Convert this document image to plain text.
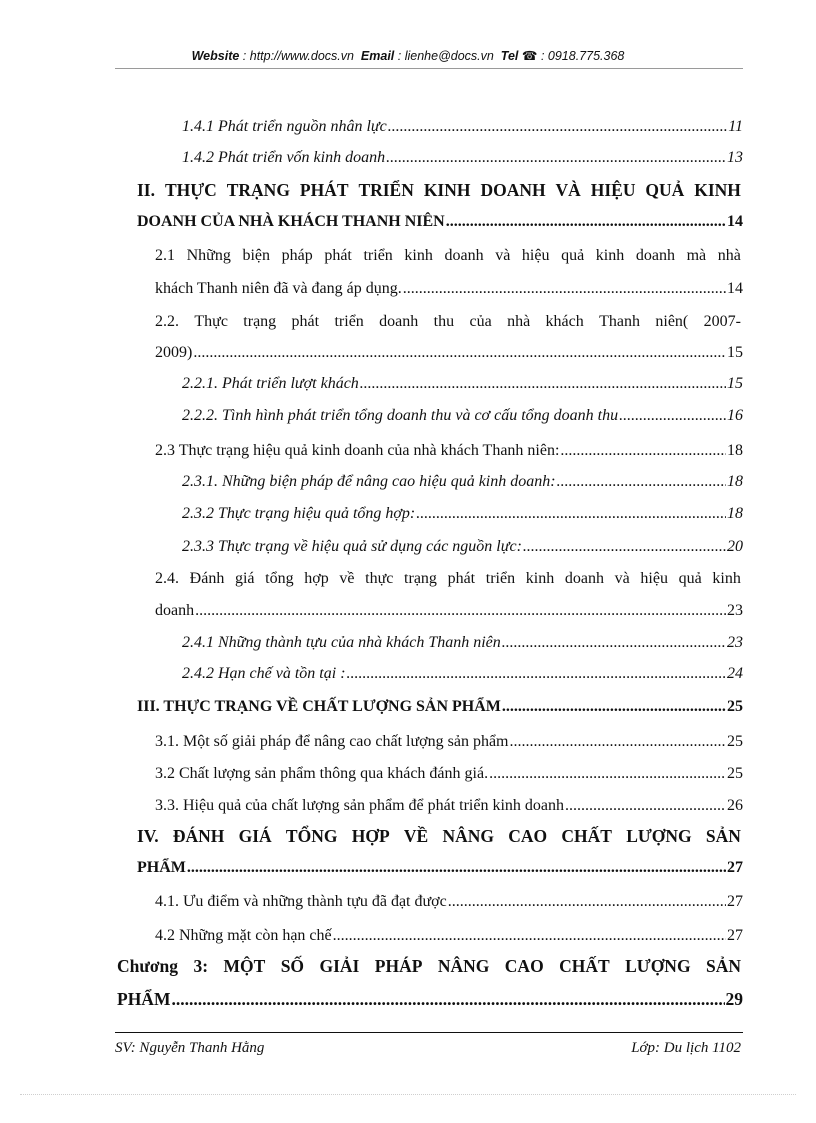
Website : http://www.docs.vn Email : lienhe@docs.vn Tel ☎ : 0918.775.368
1.4.1 Phát triển nguồn nhân lực .....	11
1.4.2 Phát triển vốn kinh doanh .....	13
II. THỰC TRẠNG PHÁT TRIỂN KINH DOANH VÀ HIỆU QUẢ KINH
DOANH CỦA NHÀ KHÁCH THANH NIÊN .....	14
2.1 Những biện pháp phát triển kinh doanh và hiệu quả kinh doanh mà nhà
khách Thanh niên đã và đang áp dụng. .....	14
2.2. Thực trạng phát triển doanh thu của nhà khách Thanh niên( 2007-
2009) .....	15
2.2.1. Phát triển lượt khách .....	15
2.2.2. Tình hình phát triển tổng doanh thu và cơ cấu tổng doanh thu .....	16
2.3 Thực trạng hiệu quả kinh doanh của nhà khách Thanh niên: .....	18
2.3.1. Những biện pháp để nâng cao hiệu quả kinh doanh: .....	18
2.3.2 Thực trạng hiệu quả tổng hợp: .....	18
2.3.3 Thực trạng về hiệu quả sử dụng các nguồn lực: .....	20
2.4. Đánh giá tổng hợp về thực trạng phát triển kinh doanh và hiệu quả kinh
doanh .....	23
2.4.1 Những thành tựu của nhà khách Thanh niên .....	23
2.4.2 Hạn chế và tồn tại : .....	24
III. THỰC TRẠNG VỀ CHẤT LƯỢNG SẢN PHẨM .....	25
3.1. Một số giải pháp để nâng cao chất lượng sản phẩm .....	25
3.2 Chất lượng sản phẩm thông qua khách đánh giá. .....	25
3.3. Hiệu quả của chất lượng sản phẩm để phát triển kinh doanh .....	26
IV. ĐÁNH GIÁ TỔNG HỢP VỀ NÂNG CAO CHẤT LƯỢNG SẢN
PHẨM .....	27
4.1. Ưu điểm và những thành tựu đã đạt được .....	27
4.2 Những mặt còn hạn chế .....	27
Chương 3: MỘT SỐ GIẢI PHÁP NÂNG CAO CHẤT LƯỢNG SẢN
PHẨM .....	29
SV: Nguyễn Thanh Hằng	Lớp: Du lịch 1102
